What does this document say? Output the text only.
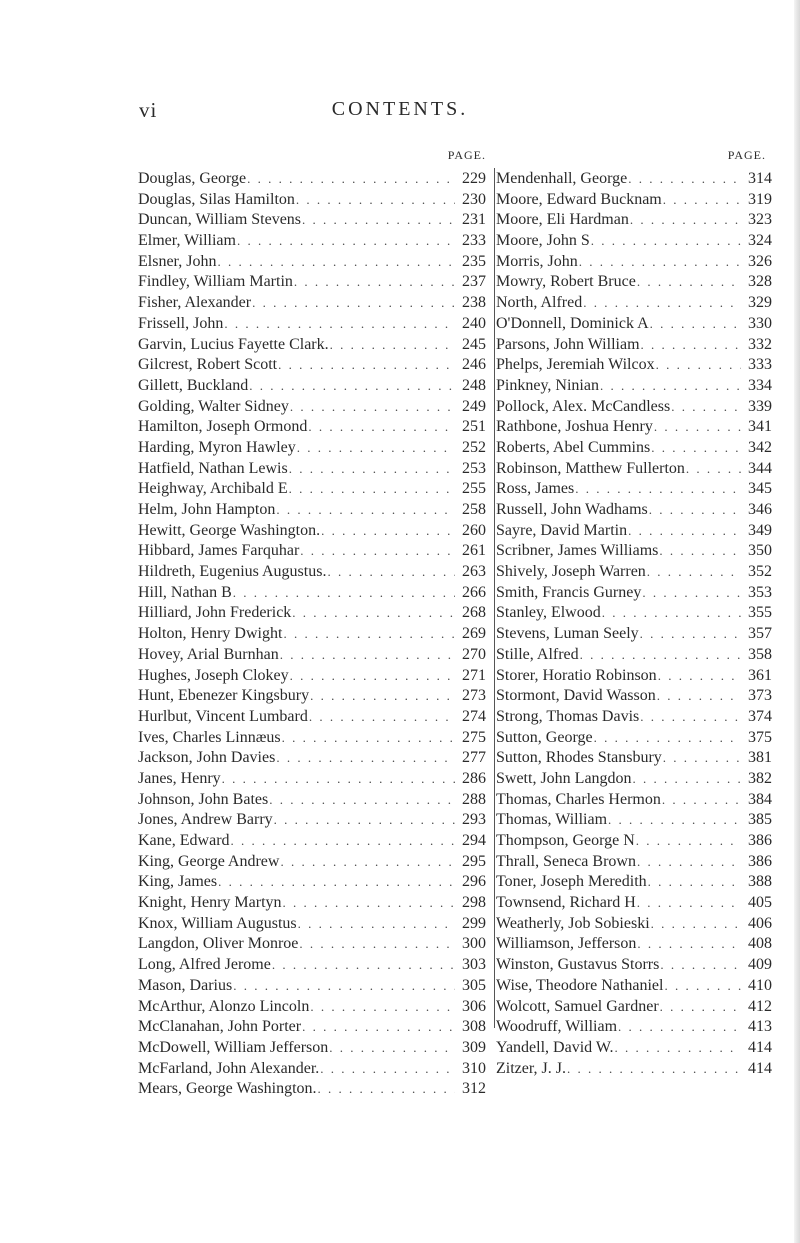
vi	CONTENTS.
PAGE.
Douglas, George . . .	229
Douglas, Silas Hamilton . . .	230
Duncan, William Stevens . . .	231
Elmer, William . . .	233
Elsner, John . . .	235
Findley, William Martin . . .	237
Fisher, Alexander . . .	238
Frissell, John . . .	240
Garvin, Lucius Fayette Clark. . . .	245
Gilcrest, Robert Scott . . .	246
Gillett, Buckland . . .	248
Golding, Walter Sidney . . .	249
Hamilton, Joseph Ormond . . .	251
Harding, Myron Hawley . . .	252
Hatfield, Nathan Lewis . . .	253
Heighway, Archibald E . . .	255
Helm, John Hampton . . .	258
Hewitt, George Washington. . . .	260
Hibbard, James Farquhar . . .	261
Hildreth, Eugenius Augustus. . . .	263
Hill, Nathan B . . .	266
Hilliard, John Frederick . . .	268
Holton, Henry Dwight . . .	269
Hovey, Arial Burnhan . . .	270
Hughes, Joseph Clokey . . .	271
Hunt, Ebenezer Kingsbury . . .	273
Hurlbut, Vincent Lumbard . . .	274
Ives, Charles Linnæus . . .	275
Jackson, John Davies . . .	277
Janes, Henry . . .	286
Johnson, John Bates . . .	288
Jones, Andrew Barry . . .	293
Kane, Edward . . .	294
King, George Andrew . . .	295
King, James . . .	296
Knight, Henry Martyn . . .	298
Knox, William Augustus . . .	299
Langdon, Oliver Monroe . . .	300
Long, Alfred Jerome . . .	303
Mason, Darius . . .	305
McArthur, Alonzo Lincoln . . .	306
McClanahan, John Porter . . .	308
McDowell, William Jefferson . . .	309
McFarland, John Alexander. . . .	310
Mears, George Washington. . . .	312
PAGE.
Mendenhall, George . . .	314
Moore, Edward Bucknam . . .	319
Moore, Eli Hardman . . .	323
Moore, John S . . .	324
Morris, John . . .	326
Mowry, Robert Bruce . . .	328
North, Alfred . . .	329
O'Donnell, Dominick A . . .	330
Parsons, John William . . .	332
Phelps, Jeremiah Wilcox . . .	333
Pinkney, Ninian . . .	334
Pollock, Alex. McCandless . . .	339
Rathbone, Joshua Henry . . .	341
Roberts, Abel Cummins . . .	342
Robinson, Matthew Fullerton . . .	344
Ross, James . . .	345
Russell, John Wadhams . . .	346
Sayre, David Martin . . .	349
Scribner, James Williams . . .	350
Shively, Joseph Warren . . .	352
Smith, Francis Gurney . . .	353
Stanley, Elwood . . .	355
Stevens, Luman Seely . . .	357
Stille, Alfred . . .	358
Storer, Horatio Robinson . . .	361
Stormont, David Wasson . . .	373
Strong, Thomas Davis . . .	374
Sutton, George . . .	375
Sutton, Rhodes Stansbury . . .	381
Swett, John Langdon . . .	382
Thomas, Charles Hermon . . .	384
Thomas, William . . .	385
Thompson, George N . . .	386
Thrall, Seneca Brown . . .	386
Toner, Joseph Meredith . . .	388
Townsend, Richard H . . .	405
Weatherly, Job Sobieski . . .	406
Williamson, Jefferson . . .	408
Winston, Gustavus Storrs . . .	409
Wise, Theodore Nathaniel . . .	410
Wolcott, Samuel Gardner . . .	412
Woodruff, William . . .	413
Yandell, David W. . . .	414
Zitzer, J. J. . . .	414
